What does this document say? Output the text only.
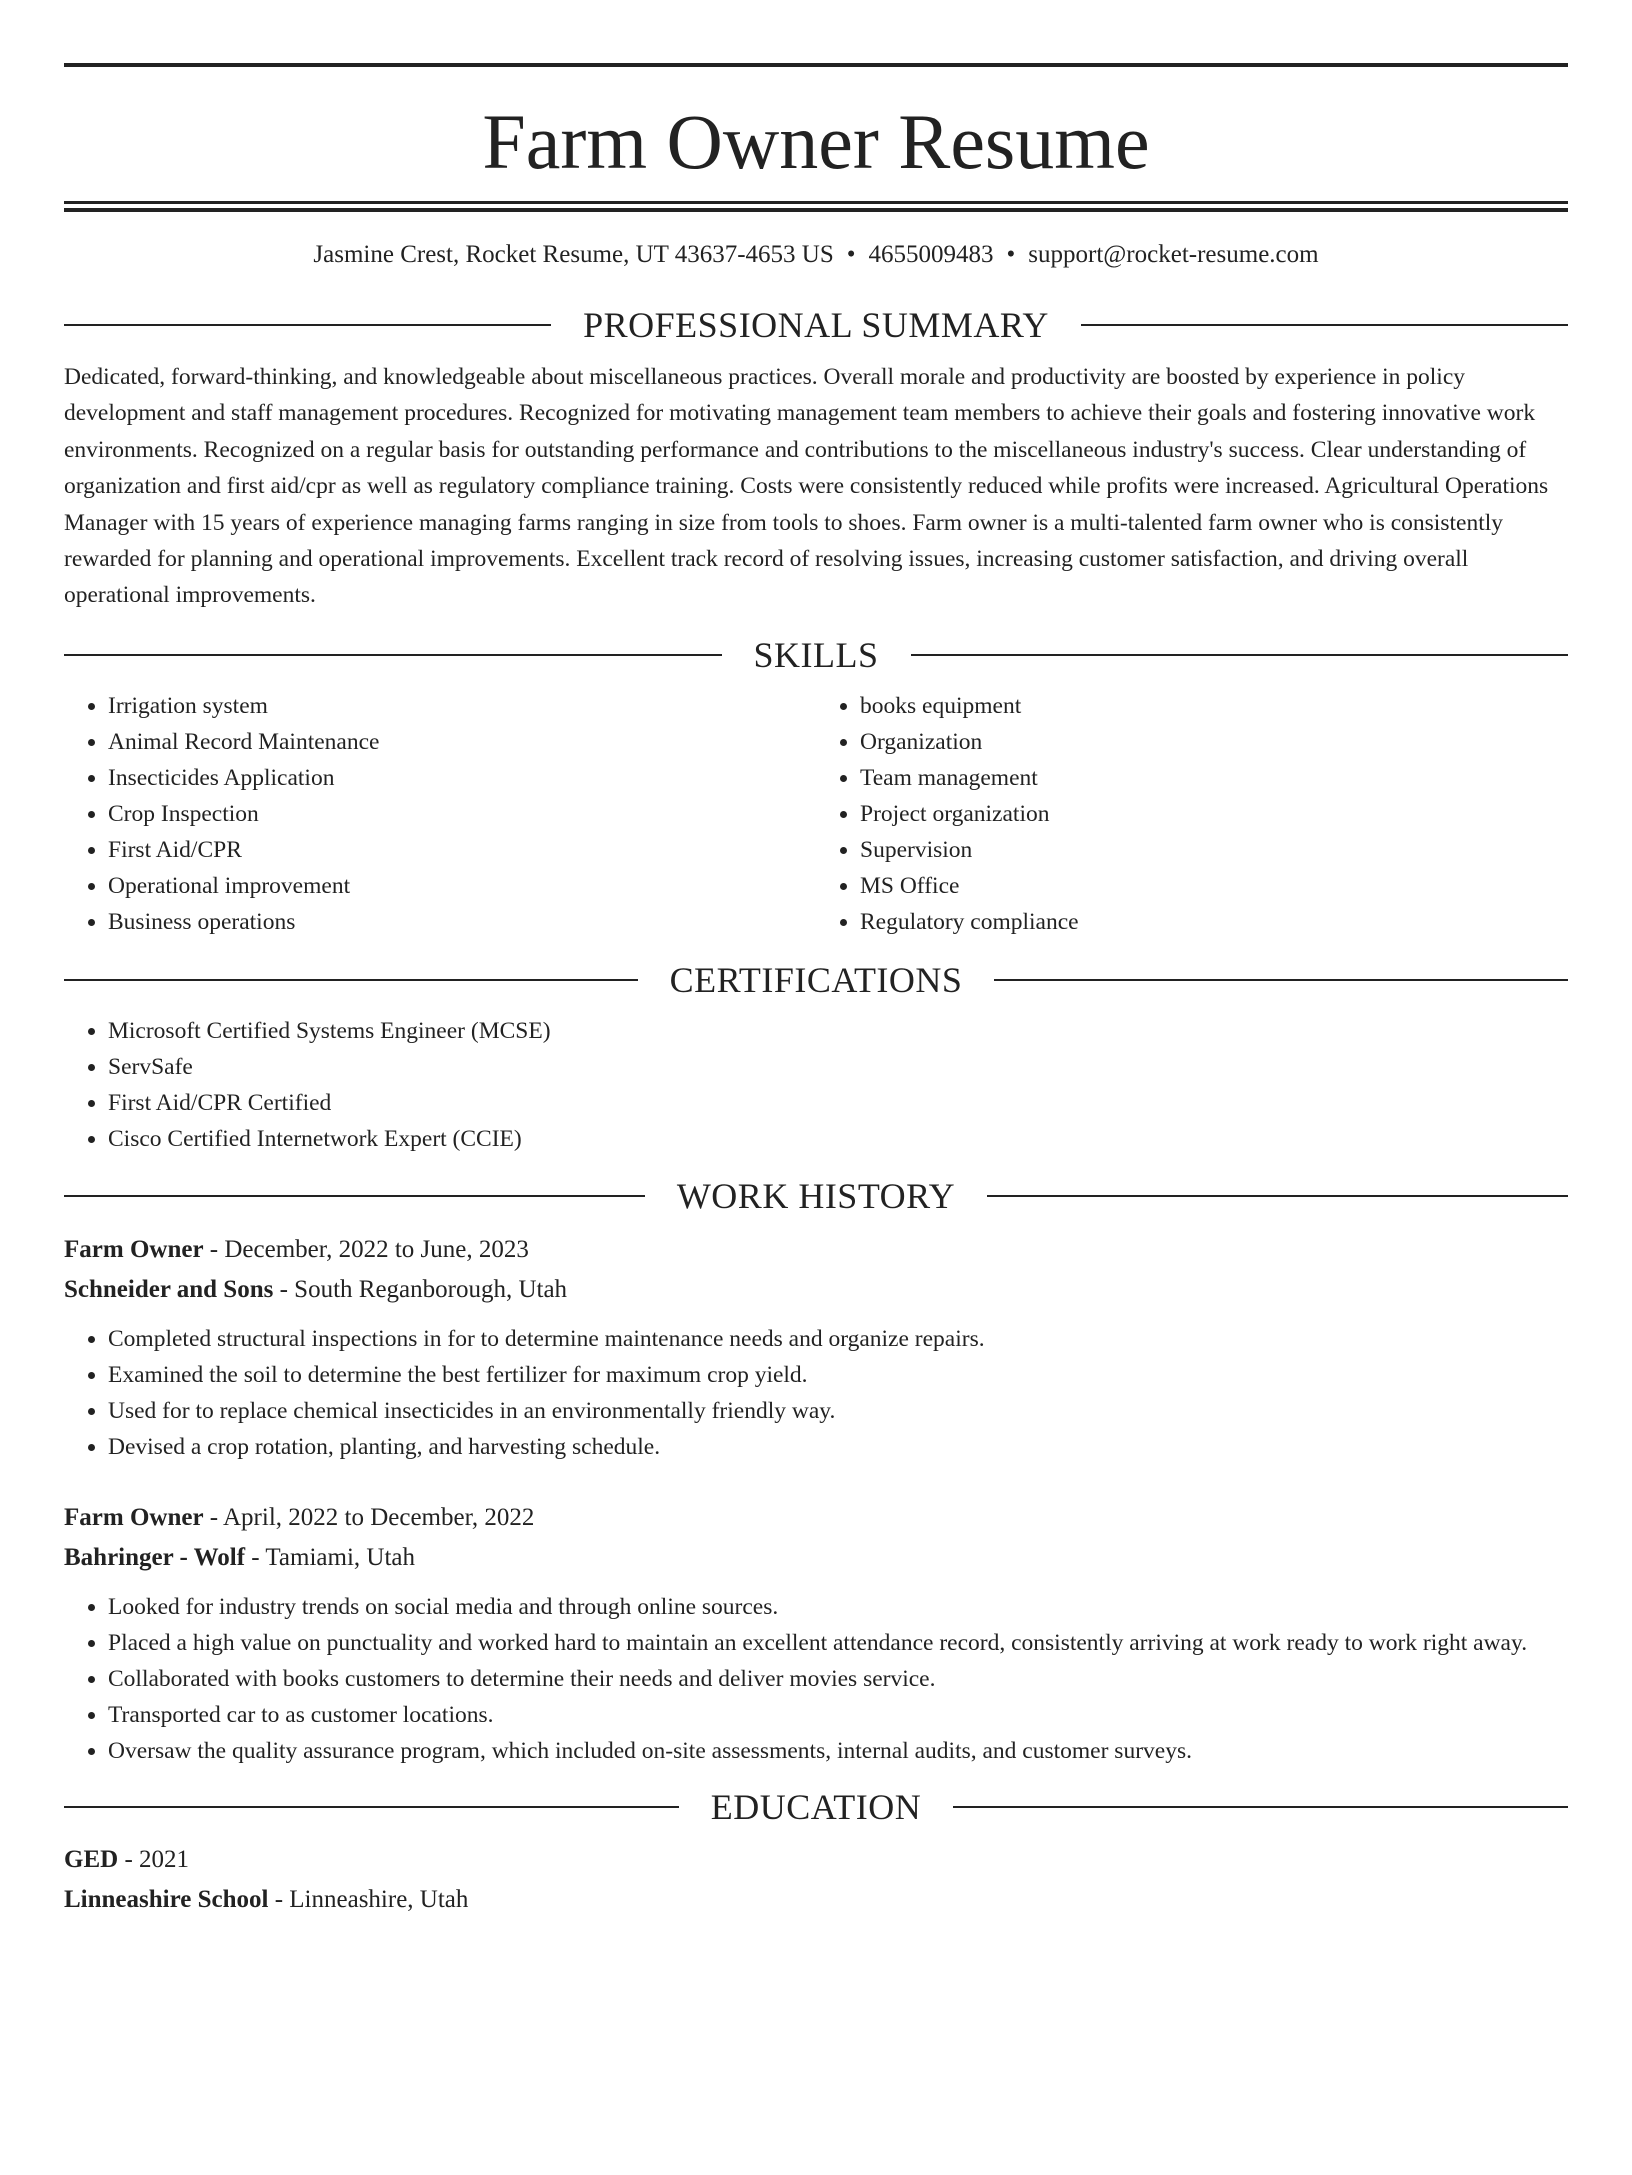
Farm Owner Resume
Jasmine Crest, Rocket Resume, UT 43637-4653 US • 4655009483 • support@rocket-resume.com
PROFESSIONAL SUMMARY

Dedicated, forward-thinking, and knowledgeable about miscellaneous practices. Overall morale and productivity are boosted by experience in policy development and staff management procedures. Recognized for motivating management team members to achieve their goals and fostering innovative work environments. Recognized on a regular basis for outstanding performance and contributions to the miscellaneous industry's success. Clear understanding of organization and first aid/cpr as well as regulatory compliance training. Costs were consistently reduced while profits were increased. Agricultural Operations Manager with 15 years of experience managing farms ranging in size from tools to shoes. Farm owner is a multi-talented farm owner who is consistently rewarded for planning and operational improvements. Excellent track record of resolving issues, increasing customer satisfaction, and driving overall operational improvements.

SKILLS
• Irrigation system
• Animal Record Maintenance
• Insecticides Application
• Crop Inspection
• First Aid/CPR
• Operational improvement
• Business operations
• books equipment
• Organization
• Team management
• Project organization
• Supervision
• MS Office
• Regulatory compliance
CERTIFICATIONS
• Microsoft Certified Systems Engineer (MCSE)
• ServSafe
• First Aid/CPR Certified
• Cisco Certified Internetwork Expert (CCIE)
WORK HISTORY
Farm Owner - December, 2022 to June, 2023
Schneider and Sons - South Reganborough, Utah
• Completed structural inspections in for to determine maintenance needs and organize repairs.
• Examined the soil to determine the best fertilizer for maximum crop yield.
• Used for to replace chemical insecticides in an environmentally friendly way.
• Devised a crop rotation, planting, and harvesting schedule.
Farm Owner - April, 2022 to December, 2022
Bahringer - Wolf - Tamiami, Utah
• Looked for industry trends on social media and through online sources.
• Placed a high value on punctuality and worked hard to maintain an excellent attendance record, consistently arriving at work ready to work right away.
• Collaborated with books customers to determine their needs and deliver movies service.
• Transported car to as customer locations.
• Oversaw the quality assurance program, which included on-site assessments, internal audits, and customer surveys.
EDUCATION
GED - 2021
Linneashire School - Linneashire, Utah
